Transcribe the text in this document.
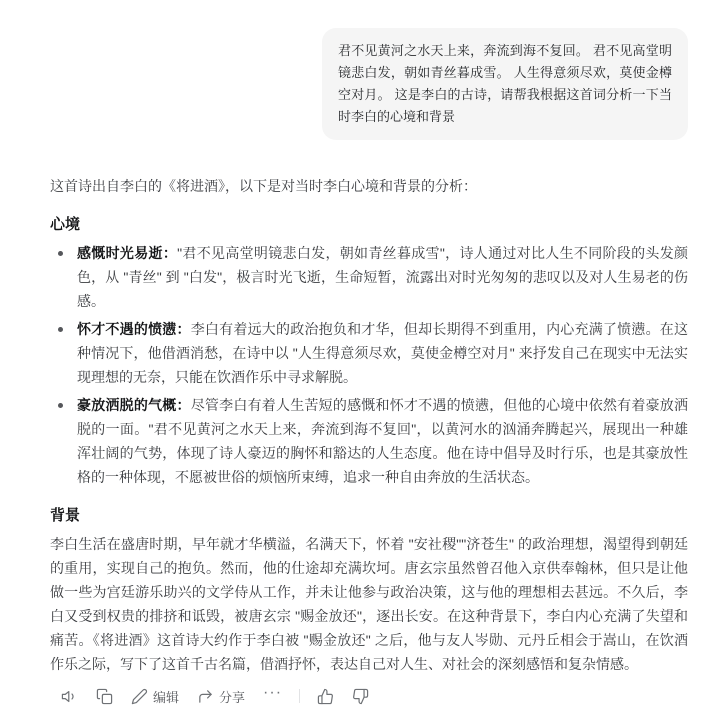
君不见黄河之水天上来，奔流到海不复回。 君不见高堂明镜悲白发，朝如青丝暮成雪。 人生得意须尽欢，莫使金樽空对月。 这是李白的古诗，请帮我根据这首词分析一下当时李白的心境和背景

这首诗出自李白的《将进酒》，以下是对当时李白心境和背景的分析：

心境
感慨时光易逝："君不见高堂明镜悲白发，朝如青丝暮成雪"，诗人通过对比人生不同阶段的头发颜色，从 "青丝" 到 "白发"，极言时光飞逝，生命短暂，流露出对时光匆匆的悲叹以及对人生易老的伤感。
怀才不遇的愤懑：李白有着远大的政治抱负和才华，但却长期得不到重用，内心充满了愤懑。在这种情况下，他借酒消愁，在诗中以 "人生得意须尽欢，莫使金樽空对月" 来抒发自己在现实中无法实现理想的无奈，只能在饮酒作乐中寻求解脱。
豪放洒脱的气概：尽管李白有着人生苦短的感慨和怀才不遇的愤懑，但他的心境中依然有着豪放洒脱的一面。"君不见黄河之水天上来，奔流到海不复回"，以黄河水的汹涌奔腾起兴，展现出一种雄浑壮阔的气势，体现了诗人豪迈的胸怀和豁达的人生态度。他在诗中倡导及时行乐，也是其豪放性格的一种体现，不愿被世俗的烦恼所束缚，追求一种自由奔放的生活状态。
背景

李白生活在盛唐时期，早年就才华横溢，名满天下，怀着 "安社稷""济苍生" 的政治理想，渴望得到朝廷的重用，实现自己的抱负。然而，他的仕途却充满坎坷。唐玄宗虽然曾召他入京供奉翰林，但只是让他做一些为宫廷游乐助兴的文学侍从工作，并未让他参与政治决策，这与他的理想相去甚远。不久后，李白又受到权贵的排挤和诋毁，被唐玄宗 "赐金放还"，逐出长安。在这种背景下，李白内心充满了失望和痛苦。《将进酒》这首诗大约作于李白被 "赐金放还" 之后，他与友人岑勋、元丹丘相会于嵩山，在饮酒作乐之际，写下了这首千古名篇，借酒抒怀，表达自己对人生、对社会的深刻感悟和复杂情感。

编辑	分享 ···
